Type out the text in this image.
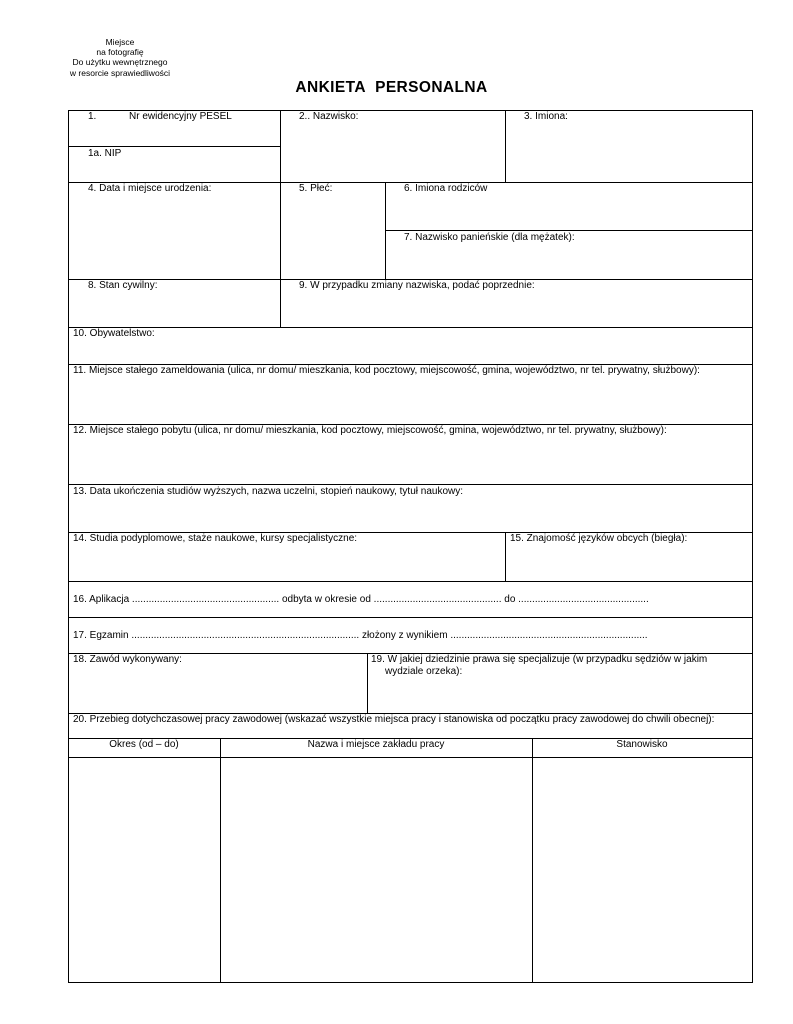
Miejsce
na fotografię
Do użytku wewnętrznego
w resorcie sprawiedliwości
ANKIETA PERSONALNA
1.	Nr ewidencyjny PESEL	2.. Nazwisko:	3. Imiona:
1a. NIP
4. Data i miejsce urodzenia:	5. Płeć:	6. Imiona rodziców
7. Nazwisko panieńskie (dla mężatek):
8. Stan cywilny:	9. W przypadku zmiany nazwiska, podać poprzednie:
10. Obywatelstwo:
11. Miejsce stałego zameldowania (ulica, nr domu/ mieszkania, kod pocztowy, miejscowość, gmina, województwo, nr tel. prywatny, służbowy):
12. Miejsce stałego pobytu (ulica, nr domu/ mieszkania, kod pocztowy, miejscowość, gmina, województwo, nr tel. prywatny, służbowy):
13. Data ukończenia studiów wyższych, nazwa uczelni, stopień naukowy, tytuł naukowy:
14. Studia podyplomowe, staże naukowe, kursy specjalistyczne:	15. Znajomość języków obcych (biegła):
16. Aplikacja ..................................................... odbyta w okresie od .............................................. do ...............................................
17. Egzamin .................................................................................. złożony z wynikiem .......................................................................
18. Zawód wykonywany:	19. W jakiej dziedzinie prawa się specjalizuje (w przypadku sędziów w jakim
wydziale orzeka):
20. Przebieg dotychczasowej pracy zawodowej (wskazać wszystkie miejsca pracy i stanowiska od początku pracy zawodowej do chwili obecnej):
Okres (od – do)	Nazwa i miejsce zakładu pracy	Stanowisko
